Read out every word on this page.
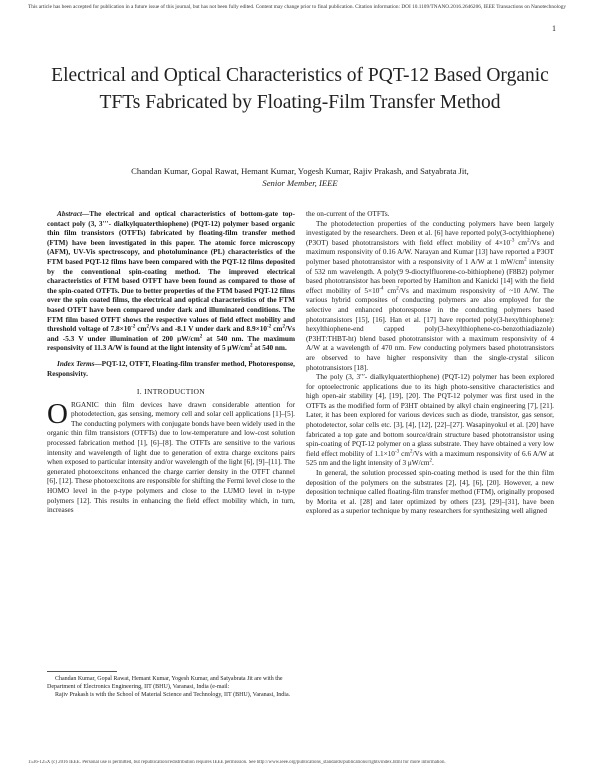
This article has been accepted for publication in a future issue of this journal, but has not been fully edited. Content may change prior to final publication. Citation information: DOI 10.1109/TNANO.2016.2646206, IEEE Transactions on Nanotechnology
1
Electrical and Optical Characteristics of PQT-12 Based Organic TFTs Fabricated by Floating-Film Transfer Method
Chandan Kumar, Gopal Rawat, Hemant Kumar, Yogesh Kumar, Rajiv Prakash, and Satyabrata Jit,
Senior Member, IEEE

Abstract—The electrical and optical characteristics of bottom-gate top-contact poly (3, 3′′′- dialkylquaterthiophene) (PQT-12) polymer based organic thin film transistors (OTFTs) fabricated by floating-film transfer method (FTM) have been investigated in this paper. The atomic force microscopy (AFM), UV-Vis spectroscopy, and photoluminance (PL) characteristics of the FTM based PQT-12 films have been compared with the PQT-12 films deposited by the conventional spin-coating method. The improved electrical characteristics of FTM based OTFT have been found as compared to those of the spin-coated OTFTs. Due to better properties of the FTM based PQT-12 films over the spin coated films, the electrical and optical characteristics of the FTM based OTFT have been compared under dark and illuminated conditions. The FTM film based OTFT shows the respective values of field effect mobility and threshold voltage of $7.8\times 10^{-2}$ $cm^2/Vs$ and -8.1 V under dark and $8.9\times 10^{-2}$ $cm^2/Vs$ and -5.3 V under illumination of 200 $\mu W/cm^2$ at 540 nm. The maximum responsivity of 11.3 A/W is found at the light intensity of 5 $\mu W/cm^2$ at 540 nm.

Index Terms—PQT-12, OTFT, Floating-film transfer method, Photoresponse, Responsivity.

I. INTRODUCTION

ORGANIC thin film devices have drawn considerable attention for photodetection, gas sensing, memory cell and solar cell applications [1]–[5]. The conducting polymers with conjugate bonds have been widely used in the organic thin film transistors (OTFTs) due to low-temperature and low-cost solution processed fabrication method [1], [6]–[8]. The OTFTs are sensitive to the various intensity and wavelength of light due to generation of extra charge excitons pairs when exposed to particular intensity and/or wavelength of the light [6], [9]–[11]. The generated photoexcitons enhanced the charge carrier density in the OTFT channel [6], [12]. These photoexcitons are responsible for shifting the Fermi level close to the HOMO level in the p-type polymers and close to the LUMO level in n-type polymers [12]. This results in enhancing the field effect mobility which, in turn, increases

Chandan Kumar, Gopal Rawat, Hemant Kumar, Yogesh Kumar, and Satyabrata Jit are with the Department of Electronics Engineering, IIT (BHU), Varanasi, India (e-mail:

Rajiv Prakash is with the School of Material Science and Technology, IIT (BHU), Varanasi, India.

the on-current of the OTFTs.

The photodetection properties of the conducting polymers have been largely investigated by the researchers. Deen et al. [6] have reported poly(3-octylthiophene) (P3OT) based phototransistors with field effect mobility of $4\times 10^{-3}$ $cm^2/Vs$ and maximum responsivity of 0.16 A/W. Narayan and Kumar [13] have reported a P3OT polymer based phototransistor with a responsivity of 1 A/W at 1 $mW/cm^2$ intensity of 532 nm wavelength. A poly(9 9-dioctylfluorene-co-bithiophene) (F8B2) polymer based phototransistor has been reported by Hamilton and Kanicki [14] with the field effect mobility of $5\times 10^{-4}$ $cm^2/Vs$ and maximum responsivity of ~10 A/W. The various hybrid composites of conducting polymers are also employed for the selective and enhanced photoresponse in the conducting polymers based phototransistors [15], [16]. Han et al. [17] have reported poly(3-hexylthiophene): hexylthiophene-end capped poly(3-hexylthiophene-co-benzothiadiazole) (P3HT:THBT-ht) blend based phototransistor with a maximum responsivity of 4 A/W at a wavelength of 470 nm. Few conducting polymers based phototransistors are observed to have higher responsivity than the single-crystal silicon phototransistors [18].

The poly (3, 3′′′- dialkylquaterthiophene) (PQT-12) polymer has been explored for optoelectronic applications due to its high photo-sensitive characteristics and high open-air stability [4], [19], [20]. The PQT-12 polymer was first used in the OTFTs as the modified form of P3HT obtained by alkyl chain engineering [7], [21]. Later, it has been explored for various devices such as diode, transistor, gas sensor, photodetector, solar cells etc. [3], [4], [12], [22]–[27]. Wasapinyokul et al. [20] have fabricated a top gate and bottom source/drain structure based phototransistor using spin-coating of PQT-12 polymer on a glass substrate. They have obtained a very low field effect mobility of $1.1\times 10^{-3}$ $cm^2/Vs$ with a maximum responsivity of 6.6 A/W at 525 nm and the light intensity of 3 $\mu W/cm^2$.

In general, the solution processed spin-coating method is used for the thin film deposition of the polymers on the substrates [2], [4], [6], [20]. However, a new deposition technique called floating-film transfer method (FTM), originally proposed by Morita et al. [28] and later optimized by others [23], [29]–[31], have been explored as a superior technique by many researchers for synthesizing well aligned

1536-125X (c) 2016 IEEE. Personal use is permitted, but republication/redistribution requires IEEE permission. See http://www.ieee.org/publications_standards/publications/rights/index.html for more information.
